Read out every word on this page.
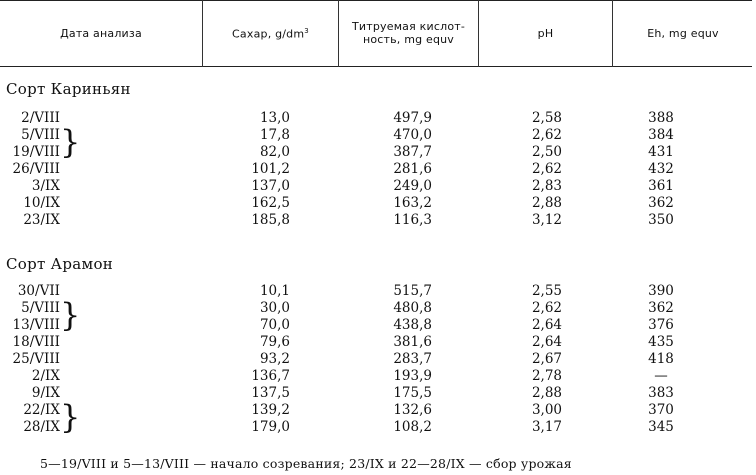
Дата анализа	Сахар, $g/dm^3$	Титруемая кислот-
ность, mg equv	pH	Eh, mg equv
Сорт Кариньян
2/VIII	13,0	497,9	2,58	388
5/VIII	17,8	470,0	2,62	384
19/VIII	82,0	387,7	2,50	431
}
26/VIII	101,2	281,6	2,62	432
3/IX	137,0	249,0	2,83	361
10/IX	162,5	163,2	2,88	362
23/IX	185,8	116,3	3,12	350
Сорт Арамон
30/VII	10,1	515,7	2,55	390
5/VIII	30,0	480,8	2,62	362
13/VIII	70,0	438,8	2,64	376
}
18/VIII	79,6	381,6	2,64	435
25/VIII	93,2	283,7	2,67	418
2/IX	136,7	193,9	2,78	—
9/IX	137,5	175,5	2,88	383
22/IX	139,2	132,6	3,00	370
28/IX	179,0	108,2	3,17	345
}
5—19/VIII и 5—13/VIII — начало созревания; 23/IX и 22—28/IX — сбор урожая
